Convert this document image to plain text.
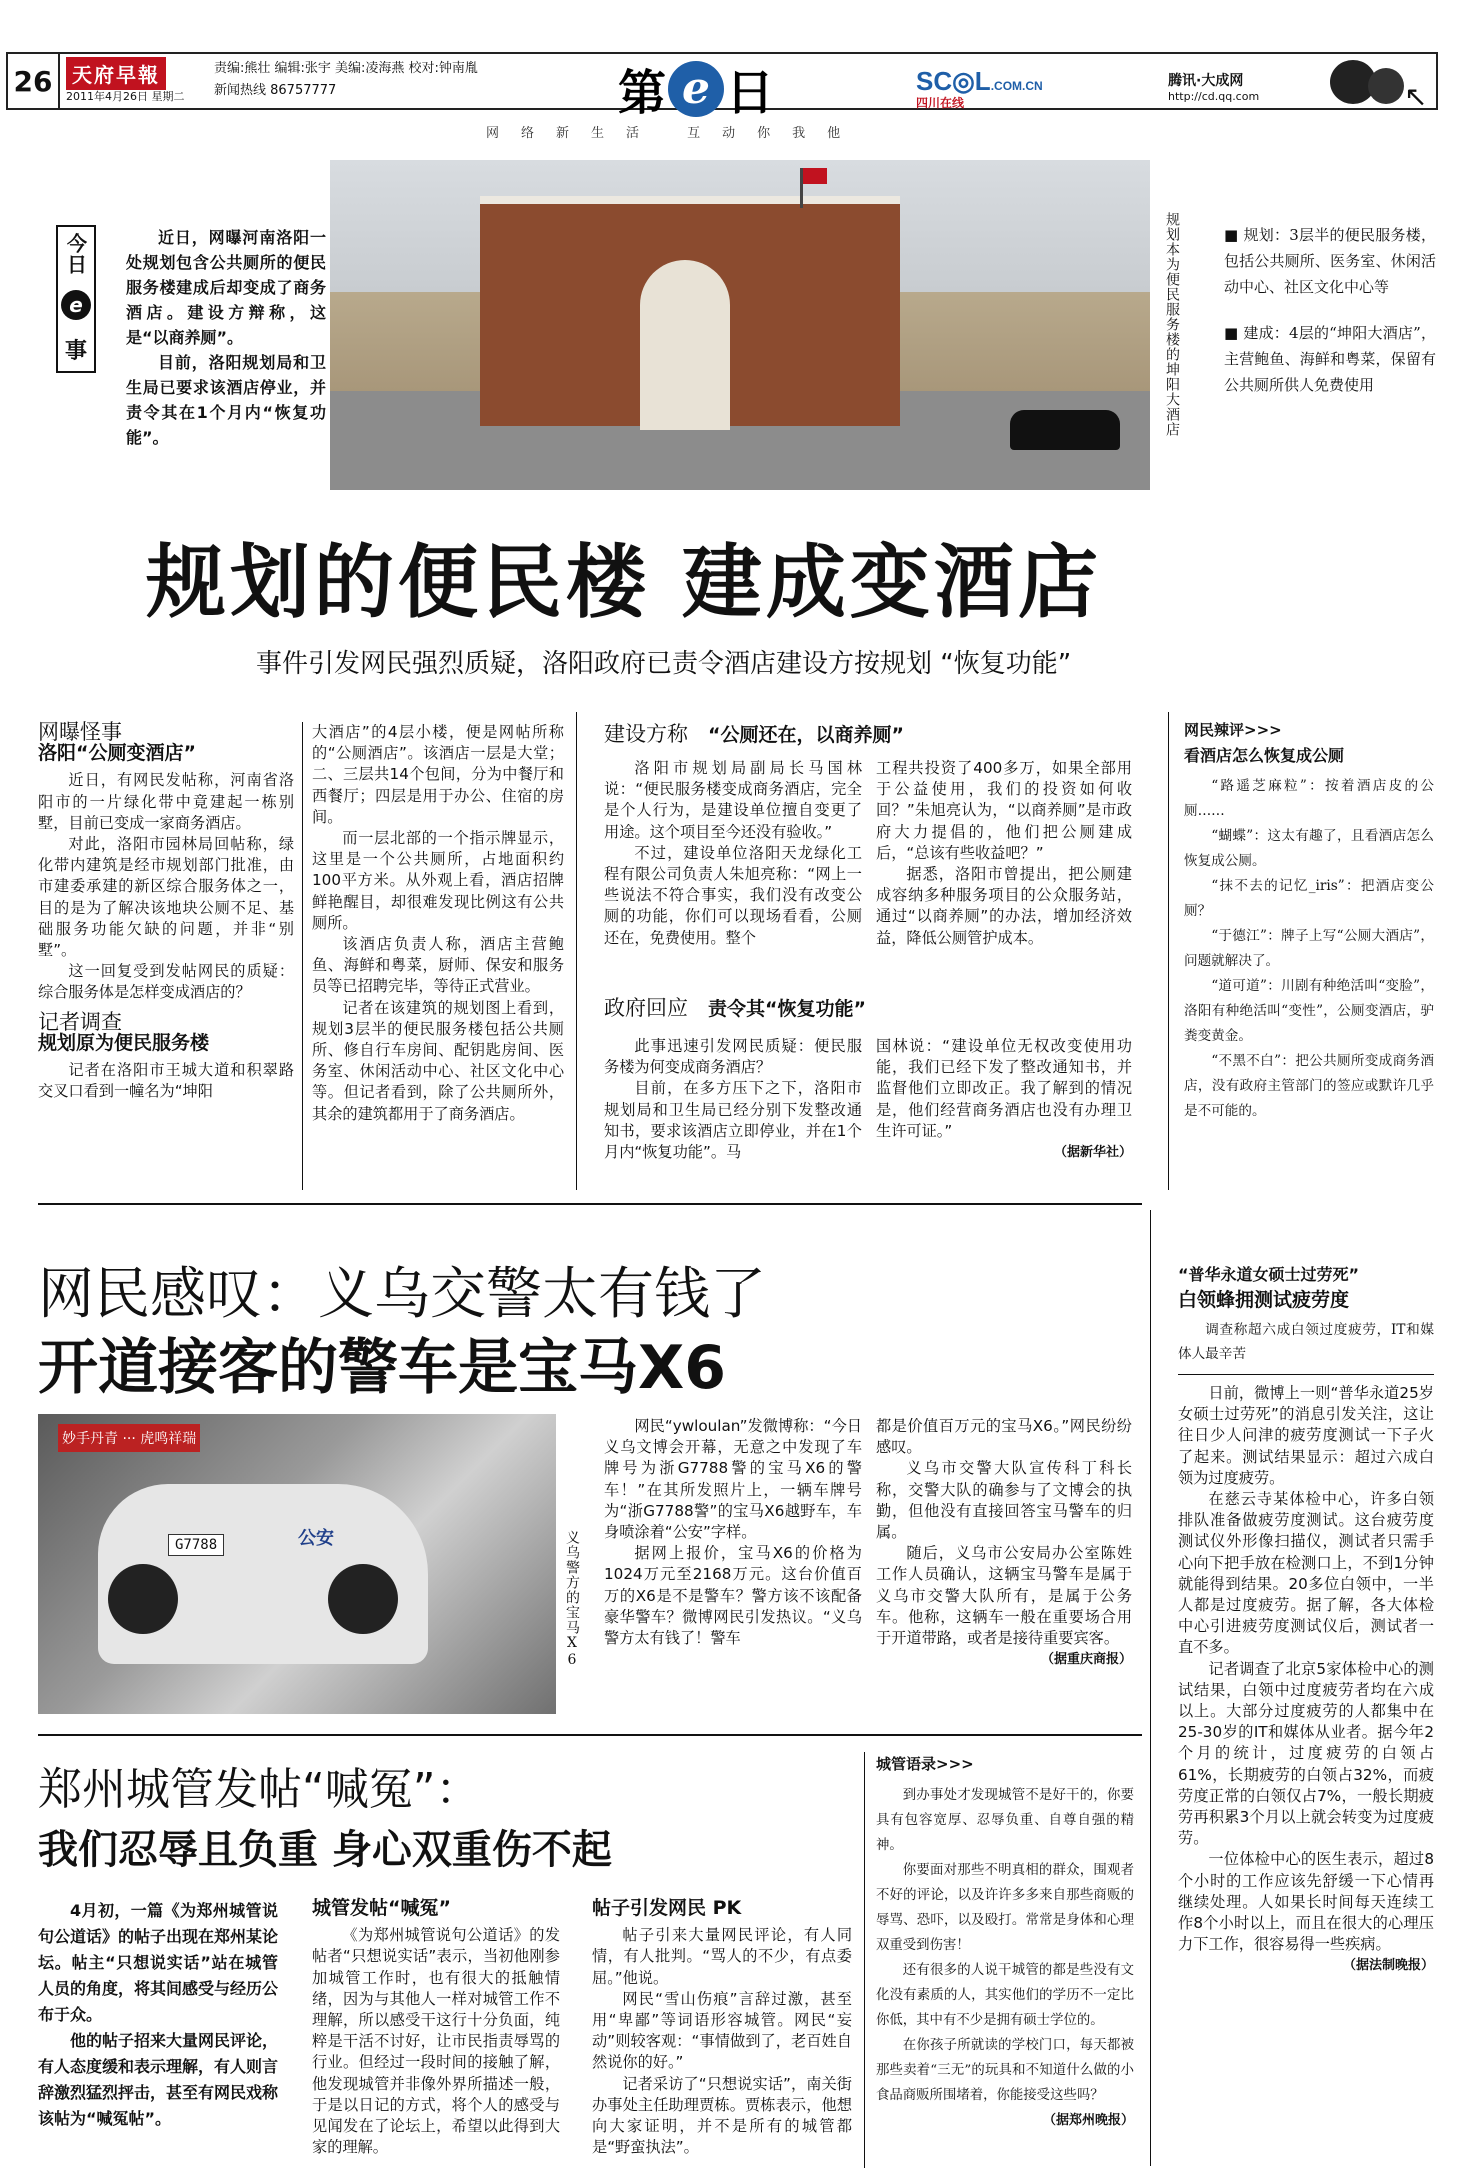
26 天府早報
2011年4月26日 星期二
责编:熊壮 编辑:张宇 美编:凌海燕 校对:钟南胤
新闻热线 86757777	第 e 日	SC◎L.COM.CN
四川在线
腾讯·大成网
http://cd.qq.com	↖
网络新生活 互动你我他
今日
e
事

近日，网曝河南洛阳一处规划包含公共厕所的便民服务楼建成后却变成了商务酒店。建设方辩称，这是“以商养厕”。

目前，洛阳规划局和卫生局已要求该酒店停业，并责令其在1个月内“恢复功能”。

规划本为便民服务楼的坤阳大酒店	■ 规划：3层半的便民服务楼，包括公共厕所、医务室、休闲活动中心、社区文化中心等

■ 建成：4层的“坤阳大酒店”，主营鲍鱼、海鲜和粤菜，保留有公共厕所供人免费使用

规划的便民楼 建成变酒店
事件引发网民强烈质疑，洛阳政府已责令酒店建设方按规划 “恢复功能”
网曝怪事
洛阳“公厕变酒店”

近日，有网民发帖称，河南省洛阳市的一片绿化带中竟建起一栋别墅，目前已变成一家商务酒店。

对此，洛阳市园林局回帖称，绿化带内建筑是经市规划部门批准，由市建委承建的新区综合服务体之一，目的是为了解决该地块公厕不足、基础服务功能欠缺的问题，并非“别墅”。

这一回复受到发帖网民的质疑：综合服务体是怎样变成酒店的？

记者调查
规划原为便民服务楼

记者在洛阳市王城大道和积翠路交叉口看到一幢名为“坤阳

大酒店”的4层小楼，便是网帖所称的“公厕酒店”。该酒店一层是大堂；二、三层共14个包间，分为中餐厅和西餐厅；四层是用于办公、住宿的房间。

而一层北部的一个指示牌显示，这里是一个公共厕所，占地面积约100平方米。从外观上看，酒店招牌鲜艳醒目，却很难发现比例这有公共厕所。

该酒店负责人称，酒店主营鲍鱼、海鲜和粤菜，厨师、保安和服务员等已招聘完毕，等待正式营业。

记者在该建筑的规划图上看到，规划3层半的便民服务楼包括公共厕所、修自行车房间、配钥匙房间、医务室、休闲活动中心、社区文化中心等。但记者看到，除了公共厕所外，其余的建筑都用于了商务酒店。

建设方称 “公厕还在，以商养厕”

洛阳市规划局副局长马国林说：“便民服务楼变成商务酒店，完全是个人行为，是建设单位擅自变更了用途。这个项目至今还没有验收。”

不过，建设单位洛阳天龙绿化工程有限公司负责人朱旭亮称：“网上一些说法不符合事实，我们没有改变公厕的功能，你们可以现场看看，公厕还在，免费使用。整个

工程共投资了400多万，如果全部用于公益使用，我们的投资如何收回？”朱旭亮认为，“以商养厕”是市政府大力提倡的，他们把公厕建成后，“总该有些收益吧？”

据悉，洛阳市曾提出，把公厕建成容纳多种服务项目的公众服务站，通过“以商养厕”的办法，增加经济效益，降低公厕管护成本。

政府回应 责令其“恢复功能”

此事迅速引发网民质疑：便民服务楼为何变成商务酒店？

目前，在多方压下之下，洛阳市规划局和卫生局已经分别下发整改通知书，要求该酒店立即停业，并在1个月内“恢复功能”。马

国林说：“建设单位无权改变使用功能，我们已经下发了整改通知书，并监督他们立即改正。我了解到的情况是，他们经营商务酒店也没有办理卫生许可证。”

（据新华社）

网民辣评>>>
看酒店怎么恢复成公厕

“路遥芝麻粒”：按着酒店皮的公厕……

“蝴蝶”：这太有趣了，且看酒店怎么恢复成公厕。

“抹不去的记忆_iris”：把酒店变公厕？

“于德江”：牌子上写“公厕大酒店”，问题就解决了。

“道可道”：川剧有种绝活叫“变脸”，洛阳有种绝活叫“变性”，公厕变酒店，驴粪变黄金。

“不黑不白”：把公共厕所变成商务酒店，没有政府主管部门的签应或默许几乎是不可能的。

网民感叹：义乌交警太有钱了
开道接客的警车是宝马X6
妙手丹青 ··· 虎鸣祥瑞
G7788	公安	义乌警方的宝马X6

网民“ywloulan”发微博称：“今日义乌文博会开幕，无意之中发现了车牌号为浙G7788警的宝马X6的警车！”在其所发照片上，一辆车牌号为“浙G7788警”的宝马X6越野车，车身喷涂着“公安”字样。

据网上报价，宝马X6的价格为1024万元至2168万元。这台价值百万的X6是不是警车？警方该不该配备豪华警车？微博网民引发热议。“义乌警方太有钱了！警车

都是价值百万元的宝马X6。”网民纷纷感叹。

义乌市交警大队宣传科丁科长称，交警大队的确参与了文博会的执勤，但他没有直接回答宝马警车的归属。

随后，义乌市公安局办公室陈姓工作人员确认，这辆宝马警车是属于义乌市交警大队所有，是属于公务车。他称，这辆车一般在重要场合用于开道带路，或者是接待重要宾客。

（据重庆商报）

郑州城管发帖“喊冤”：
我们忍辱且负重 身心双重伤不起

4月初，一篇《为郑州城管说句公道话》的帖子出现在郑州某论坛。帖主“只想说实话”站在城管人员的角度，将其间感受与经历公布于众。

他的帖子招来大量网民评论，有人态度缓和表示理解，有人则言辞激烈猛烈抨击，甚至有网民戏称该帖为“喊冤帖”。

城管发帖“喊冤”

《为郑州城管说句公道话》的发帖者“只想说实话”表示，当初他刚参加城管工作时，也有很大的抵触情绪，因为与其他人一样对城管工作不理解，所以感受干这行十分负面，纯粹是干活不讨好，让市民指责辱骂的行业。但经过一段时间的接触了解，他发现城管并非像外界所描述一般，于是以日记的方式，将个人的感受与见闻发在了论坛上，希望以此得到大家的理解。

帖子引发网民 PK

帖子引来大量网民评论，有人同情，有人批判。“骂人的不少，有点委屈。”他说。

网民“雪山伤痕”言辞过激，甚至用“卑鄙”等词语形容城管。网民“妄动”则较客观：“事情做到了，老百姓自然说你的好。”

记者采访了“只想说实话”，南关街办事处主任助理贾栋。贾栋表示，他想向大家证明，并不是所有的城管都是“野蛮执法”。

城管语录>>>

到办事处才发现城管不是好干的，你要具有包容宽厚、忍辱负重、自尊自强的精神。

你要面对那些不明真相的群众，围观者不好的评论，以及许许多多来自那些商贩的辱骂、恐吓，以及殴打。常常是身体和心理双重受到伤害！

还有很多的人说干城管的都是些没有文化没有素质的人，其实他们的学历不一定比你低，其中有不少是拥有硕士学位的。

在你孩子所就读的学校门口，每天都被那些卖着“三无”的玩具和不知道什么做的小食品商贩所围堵着，你能接受这些吗？

（据郑州晚报）

“普华永道女硕士过劳死”
白领蜂拥测试疲劳度

调查称超六成白领过度疲劳，IT和媒体人最辛苦

日前，微博上一则“普华永道25岁女硕士过劳死”的消息引发关注，这让往日少人问津的疲劳度测试一下子火了起来。测试结果显示：超过六成白领为过度疲劳。

在慈云寺某体检中心，许多白领排队准备做疲劳度测试。这台疲劳度测试仪外形像扫描仪，测试者只需手心向下把手放在检测口上，不到1分钟就能得到结果。20多位白领中，一半人都是过度疲劳。据了解，各大体检中心引进疲劳度测试仪后，测试者一直不多。

记者调查了北京5家体检中心的测试结果，白领中过度疲劳者均在六成以上。大部分过度疲劳的人都集中在25-30岁的IT和媒体从业者。据今年2个月的统计，过度疲劳的白领占61%，长期疲劳的白领占32%，而疲劳度正常的白领仅占7%，一般长期疲劳再积累3个月以上就会转变为过度疲劳。

一位体检中心的医生表示，超过8个小时的工作应该先舒缓一下心情再继续处理。人如果长时间每天连续工作8个小时以上，而且在很大的心理压力下工作，很容易得一些疾病。

（据法制晚报）
